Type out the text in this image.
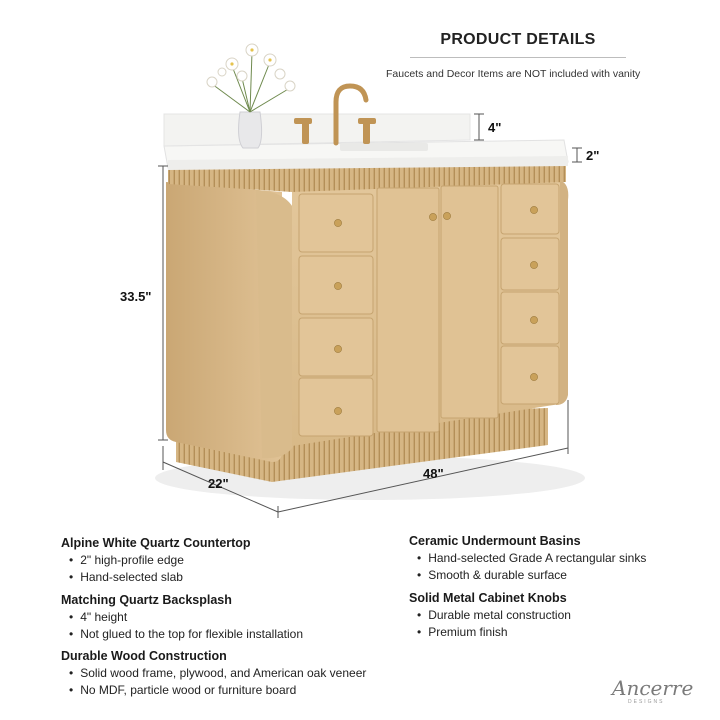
PRODUCT DETAILS
Faucets and Decor Items are NOT included with vanity
4"
2"
33.5"
22"
48"
Alpine White Quartz Countertop
• 2" high-profile edge
• Hand-selected slab
Matching Quartz Backsplash
• 4" height
• Not glued to the top for flexible installation
Durable Wood Construction
• Solid wood frame, plywood, and American oak veneer
• No MDF, particle wood or furniture board
Ceramic Undermount Basins
• Hand-selected Grade A rectangular sinks
• Smooth & durable surface
Solid Metal Cabinet Knobs
• Durable metal construction
• Premium finish
Ancerre
DESIGNS
